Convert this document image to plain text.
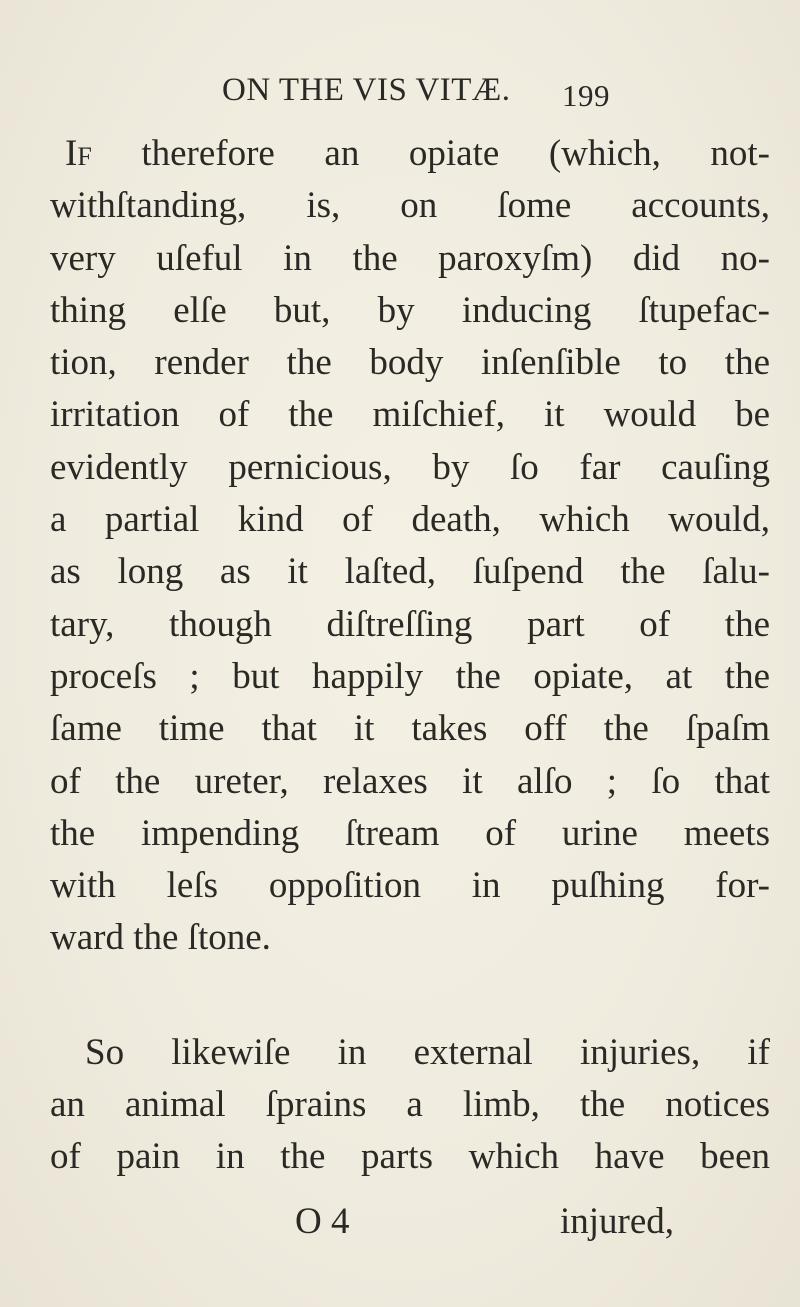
ON THE VIS VITÆ. 199
If therefore an opiate (which, not-
withſtanding, is, on ſome accounts,
very uſeful in the paroxyſm) did no-
thing elſe but, by inducing ſtupefac-
tion, render the body inſenſible to the
irritation of the miſchief, it would be
evidently pernicious, by ſo far cauſing
a partial kind of death, which would,
as long as it laſted, ſuſpend the ſalu-
tary, though diſtreſſing part of the
proceſs ; but happily the opiate, at the
ſame time that it takes off the ſpaſm
of the ureter, relaxes it alſo ; ſo that
the impending ſtream of urine meets
with leſs oppoſition in puſhing for-
ward the ſtone.
So likewiſe in external injuries, if
an animal ſprains a limb, the notices
of pain in the parts which have been
O 4	injured,
